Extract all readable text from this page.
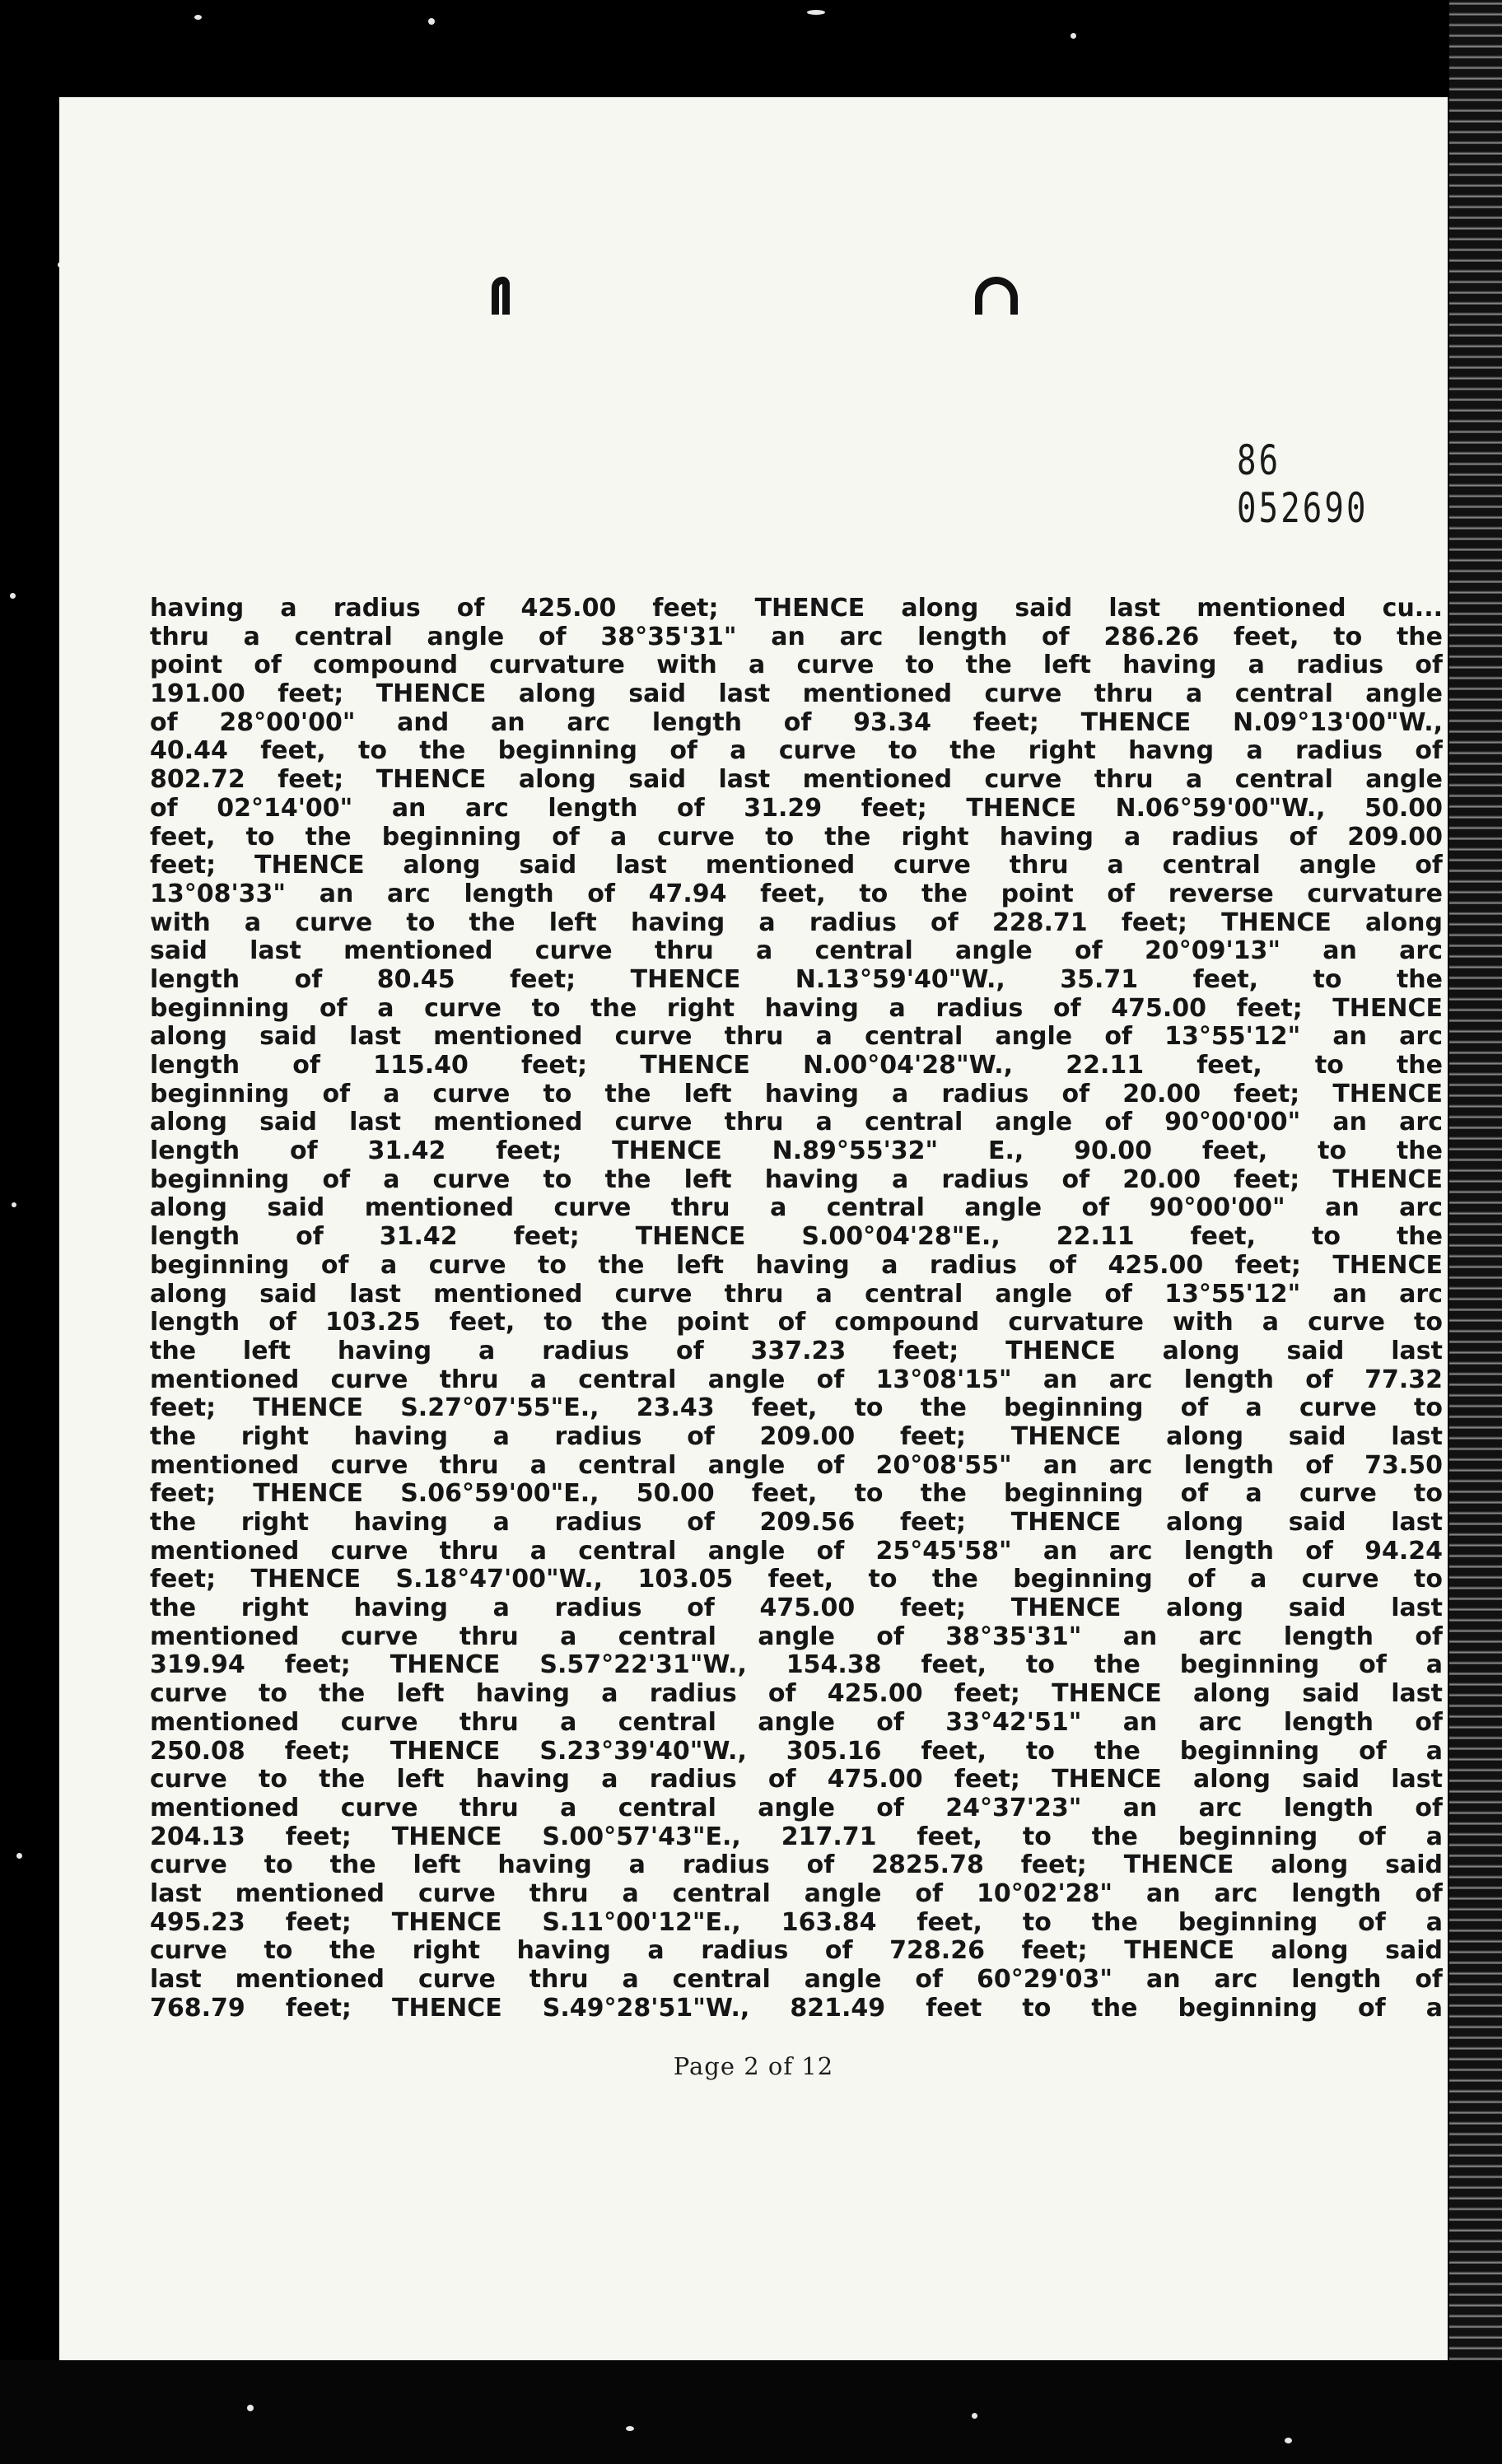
86 052690
having a radius of 425.00 feet; THENCE along said last mentioned cu...
thru a central angle of 38°35'31" an arc length of 286.26 feet, to the
point of compound curvature with a curve to the left having a radius of
191.00 feet; THENCE along said last mentioned curve thru a central angle
of 28°00'00" and an arc length of 93.34 feet; THENCE N.09°13'00"W.,
40.44 feet, to the beginning of a curve to the right havng a radius of
802.72 feet; THENCE along said last mentioned curve thru a central angle
of 02°14'00" an arc length of 31.29 feet; THENCE N.06°59'00"W., 50.00
feet, to the beginning of a curve to the right having a radius of 209.00
feet; THENCE along said last mentioned curve thru a central angle of
13°08'33" an arc length of 47.94 feet, to the point of reverse curvature
with a curve to the left having a radius of 228.71 feet; THENCE along
said last mentioned curve thru a central angle of 20°09'13" an arc
length of 80.45 feet; THENCE N.13°59'40"W., 35.71 feet, to the
beginning of a curve to the right having a radius of 475.00 feet; THENCE
along said last mentioned curve thru a central angle of 13°55'12" an arc
length of 115.40 feet; THENCE N.00°04'28"W., 22.11 feet, to the
beginning of a curve to the left having a radius of 20.00 feet; THENCE
along said last mentioned curve thru a central angle of 90°00'00" an arc
length of 31.42 feet; THENCE N.89°55'32" E., 90.00 feet, to the
beginning of a curve to the left having a radius of 20.00 feet; THENCE
along said mentioned curve thru a central angle of 90°00'00" an arc
length of 31.42 feet; THENCE S.00°04'28"E., 22.11 feet, to the
beginning of a curve to the left having a radius of 425.00 feet; THENCE
along said last mentioned curve thru a central angle of 13°55'12" an arc
length of 103.25 feet, to the point of compound curvature with a curve to
the left having a radius of 337.23 feet; THENCE along said last
mentioned curve thru a central angle of 13°08'15" an arc length of 77.32
feet; THENCE S.27°07'55"E., 23.43 feet, to the beginning of a curve to
the right having a radius of 209.00 feet; THENCE along said last
mentioned curve thru a central angle of 20°08'55" an arc length of 73.50
feet; THENCE S.06°59'00"E., 50.00 feet, to the beginning of a curve to
the right having a radius of 209.56 feet; THENCE along said last
mentioned curve thru a central angle of 25°45'58" an arc length of 94.24
feet; THENCE S.18°47'00"W., 103.05 feet, to the beginning of a curve to
the right having a radius of 475.00 feet; THENCE along said last
mentioned curve thru a central angle of 38°35'31" an arc length of
319.94 feet; THENCE S.57°22'31"W., 154.38 feet, to the beginning of a
curve to the left having a radius of 425.00 feet; THENCE along said last
mentioned curve thru a central angle of 33°42'51" an arc length of
250.08 feet; THENCE S.23°39'40"W., 305.16 feet, to the beginning of a
curve to the left having a radius of 475.00 feet; THENCE along said last
mentioned curve thru a central angle of 24°37'23" an arc length of
204.13 feet; THENCE S.00°57'43"E., 217.71 feet, to the beginning of a
curve to the left having a radius of 2825.78 feet; THENCE along said
last mentioned curve thru a central angle of 10°02'28" an arc length of
495.23 feet; THENCE S.11°00'12"E., 163.84 feet, to the beginning of a
curve to the right having a radius of 728.26 feet; THENCE along said
last mentioned curve thru a central angle of 60°29'03" an arc length of
768.79 feet; THENCE S.49°28'51"W., 821.49 feet to the beginning of a
Page 2 of 12
